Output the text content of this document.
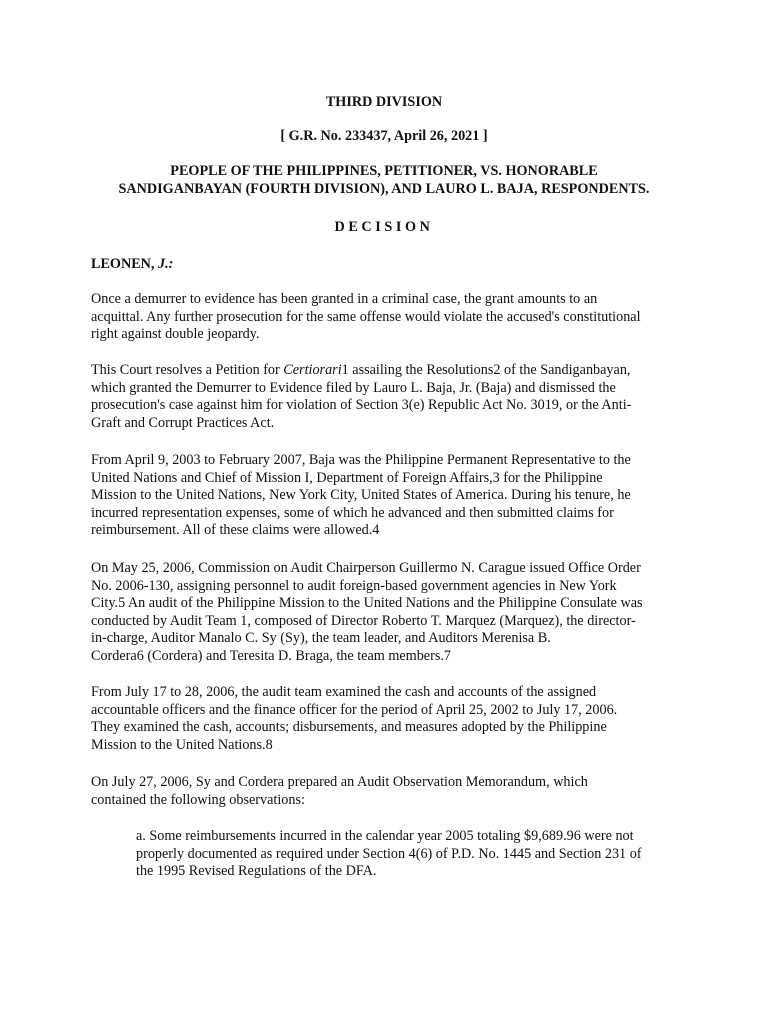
THIRD DIVISION
[ G.R. No. 233437, April 26, 2021 ]
PEOPLE OF THE PHILIPPINES, PETITIONER, VS. HONORABLE
SANDIGANBAYAN (FOURTH DIVISION), AND LAURO L. BAJA, RESPONDENTS.
DECISION
LEONEN, J.:
Once a demurrer to evidence has been granted in a criminal case, the grant amounts to an
acquittal. Any further prosecution for the same offense would violate the accused's constitutional
right against double jeopardy.
This Court resolves a Petition for Certiorari1 assailing the Resolutions2 of the Sandiganbayan,
which granted the Demurrer to Evidence filed by Lauro L. Baja, Jr. (Baja) and dismissed the
prosecution's case against him for violation of Section 3(e) Republic Act No. 3019, or the Anti-
Graft and Corrupt Practices Act.
From April 9, 2003 to February 2007, Baja was the Philippine Permanent Representative to the
United Nations and Chief of Mission I, Department of Foreign Affairs,3 for the Philippine
Mission to the United Nations, New York City, United States of America. During his tenure, he
incurred representation expenses, some of which he advanced and then submitted claims for
reimbursement. All of these claims were allowed.4
On May 25, 2006, Commission on Audit Chairperson Guillermo N. Carague issued Office Order
No. 2006-130, assigning personnel to audit foreign-based government agencies in New York
City.5 An audit of the Philippine Mission to the United Nations and the Philippine Consulate was
conducted by Audit Team 1, composed of Director Roberto T. Marquez (Marquez), the director-
in-charge, Auditor Manalo C. Sy (Sy), the team leader, and Auditors Merenisa B.
Cordera6 (Cordera) and Teresita D. Braga, the team members.7
From July 17 to 28, 2006, the audit team examined the cash and accounts of the assigned
accountable officers and the finance officer for the period of April 25, 2002 to July 17, 2006.
They examined the cash, accounts; disbursements, and measures adopted by the Philippine
Mission to the United Nations.8
On July 27, 2006, Sy and Cordera prepared an Audit Observation Memorandum, which
contained the following observations:
a. Some reimbursements incurred in the calendar year 2005 totaling $9,689.96 were not
properly documented as required under Section 4(6) of P.D. No. 1445 and Section 231 of
the 1995 Revised Regulations of the DFA.
